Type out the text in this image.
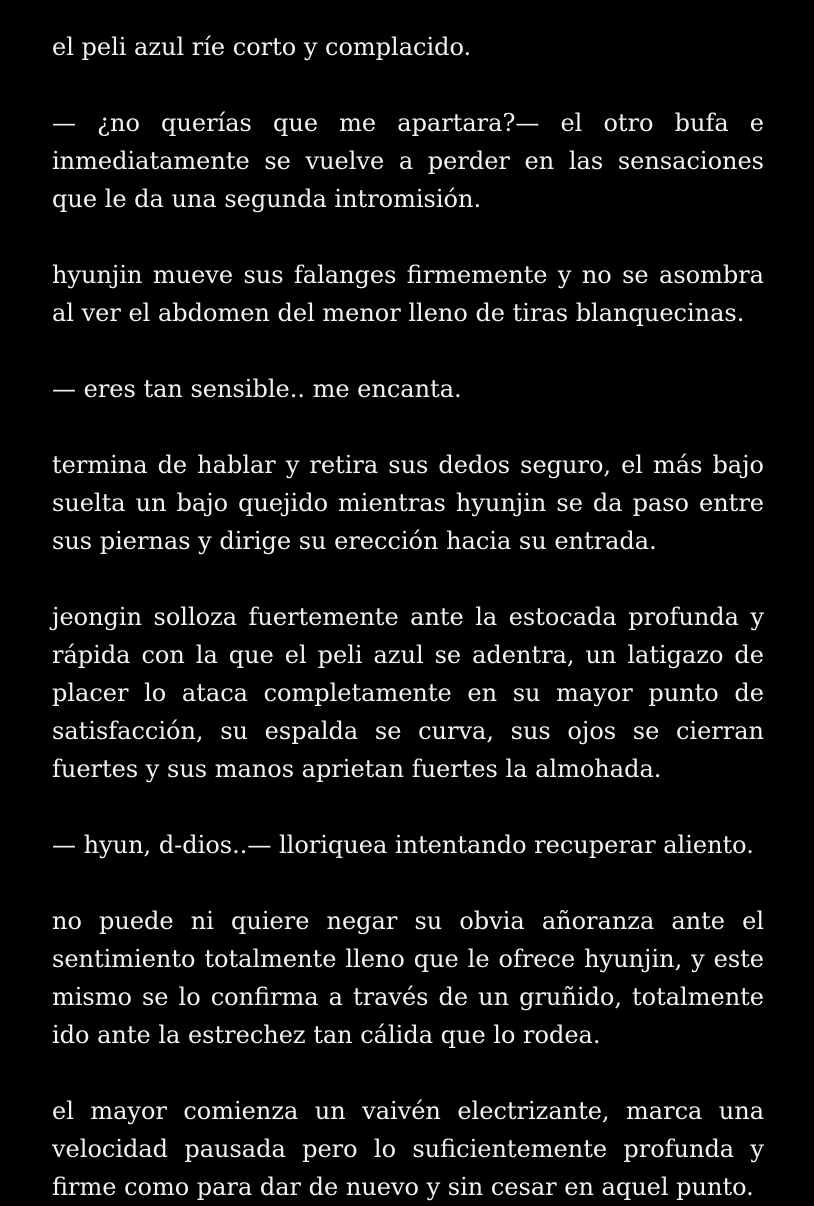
el peli azul ríe corto y complacido.

— ¿no querías que me apartara?— el otro bufa e inmediatamente se vuelve a perder en las sensaciones que le da una segunda intromisión.

hyunjin mueve sus falanges firmemente y no se asombra al ver el abdomen del menor lleno de tiras blanquecinas.

— eres tan sensible.. me encanta.

termina de hablar y retira sus dedos seguro, el más bajo suelta un bajo quejido mientras hyunjin se da paso entre sus piernas y dirige su erección hacia su entrada.

jeongin solloza fuertemente ante la estocada profunda y rápida con la que el peli azul se adentra, un latigazo de placer lo ataca completamente en su mayor punto de satisfacción, su espalda se curva, sus ojos se cierran fuertes y sus manos aprietan fuertes la almohada.

— hyun, d-dios..— lloriquea intentando recuperar aliento.

no puede ni quiere negar su obvia añoranza ante el sentimiento totalmente lleno que le ofrece hyunjin, y este mismo se lo confirma a través de un gruñido, totalmente ido ante la estrechez tan cálida que lo rodea.

el mayor comienza un vaivén electrizante, marca una velocidad pausada pero lo suficientemente profunda y firme como para dar de nuevo y sin cesar en aquel punto.
